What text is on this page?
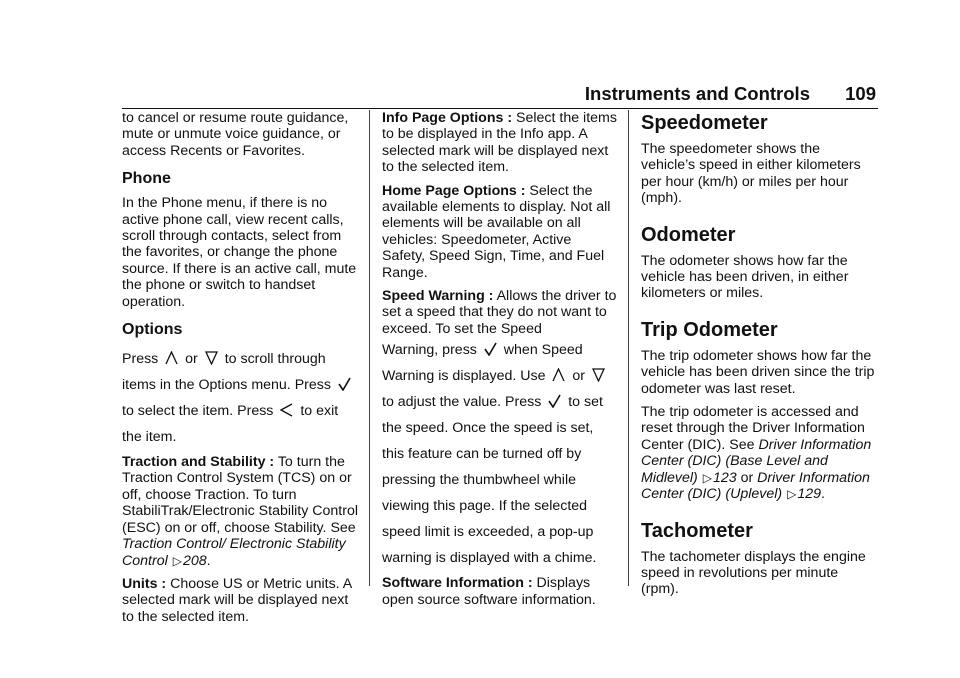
Instruments and Controls 109

to cancel or resume route guidance, mute or unmute voice guidance, or access Recents or Favorites.

Phone

In the Phone menu, if there is no active phone call, view recent calls, scroll through contacts, select from the favorites, or change the phone source. If there is an active call, mute the phone or switch to handset operation.

Options

Press or to scroll through

items in the Options menu. Press

to select the item. Press to exit

the item.

Traction and Stability : To turn the Traction Control System (TCS) on or off, choose Traction. To turn StabiliTrak/Electronic Stability Control (ESC) on or off, choose Stability. See Traction Control/ Electronic Stability Control ▷208.

Units : Choose US or Metric units. A selected mark will be displayed next to the selected item.

Info Page Options : Select the items to be displayed in the Info app. A selected mark will be displayed next to the selected item.

Home Page Options : Select the available elements to display. Not all elements will be available on all vehicles: Speedometer, Active Safety, Speed Sign, Time, and Fuel Range.

Speed Warning : Allows the driver to set a speed that they do not want to exceed. To set the Speed

Warning, press when Speed

Warning is displayed. Use or

to adjust the value. Press to set

the speed. Once the speed is set,

this feature can be turned off by

pressing the thumbwheel while

viewing this page. If the selected

speed limit is exceeded, a pop-up

warning is displayed with a chime.

Software Information : Displays open source software information.

Speedometer

The speedometer shows the vehicle’s speed in either kilometers per hour (km/h) or miles per hour (mph).

Odometer

The odometer shows how far the vehicle has been driven, in either kilometers or miles.

Trip Odometer

The trip odometer shows how far the vehicle has been driven since the trip odometer was last reset.

The trip odometer is accessed and reset through the Driver Information Center (DIC). See Driver Information Center (DIC) (Base Level and Midlevel) ▷123 or Driver Information Center (DIC) (Uplevel) ▷129.

Tachometer

The tachometer displays the engine speed in revolutions per minute (rpm).
